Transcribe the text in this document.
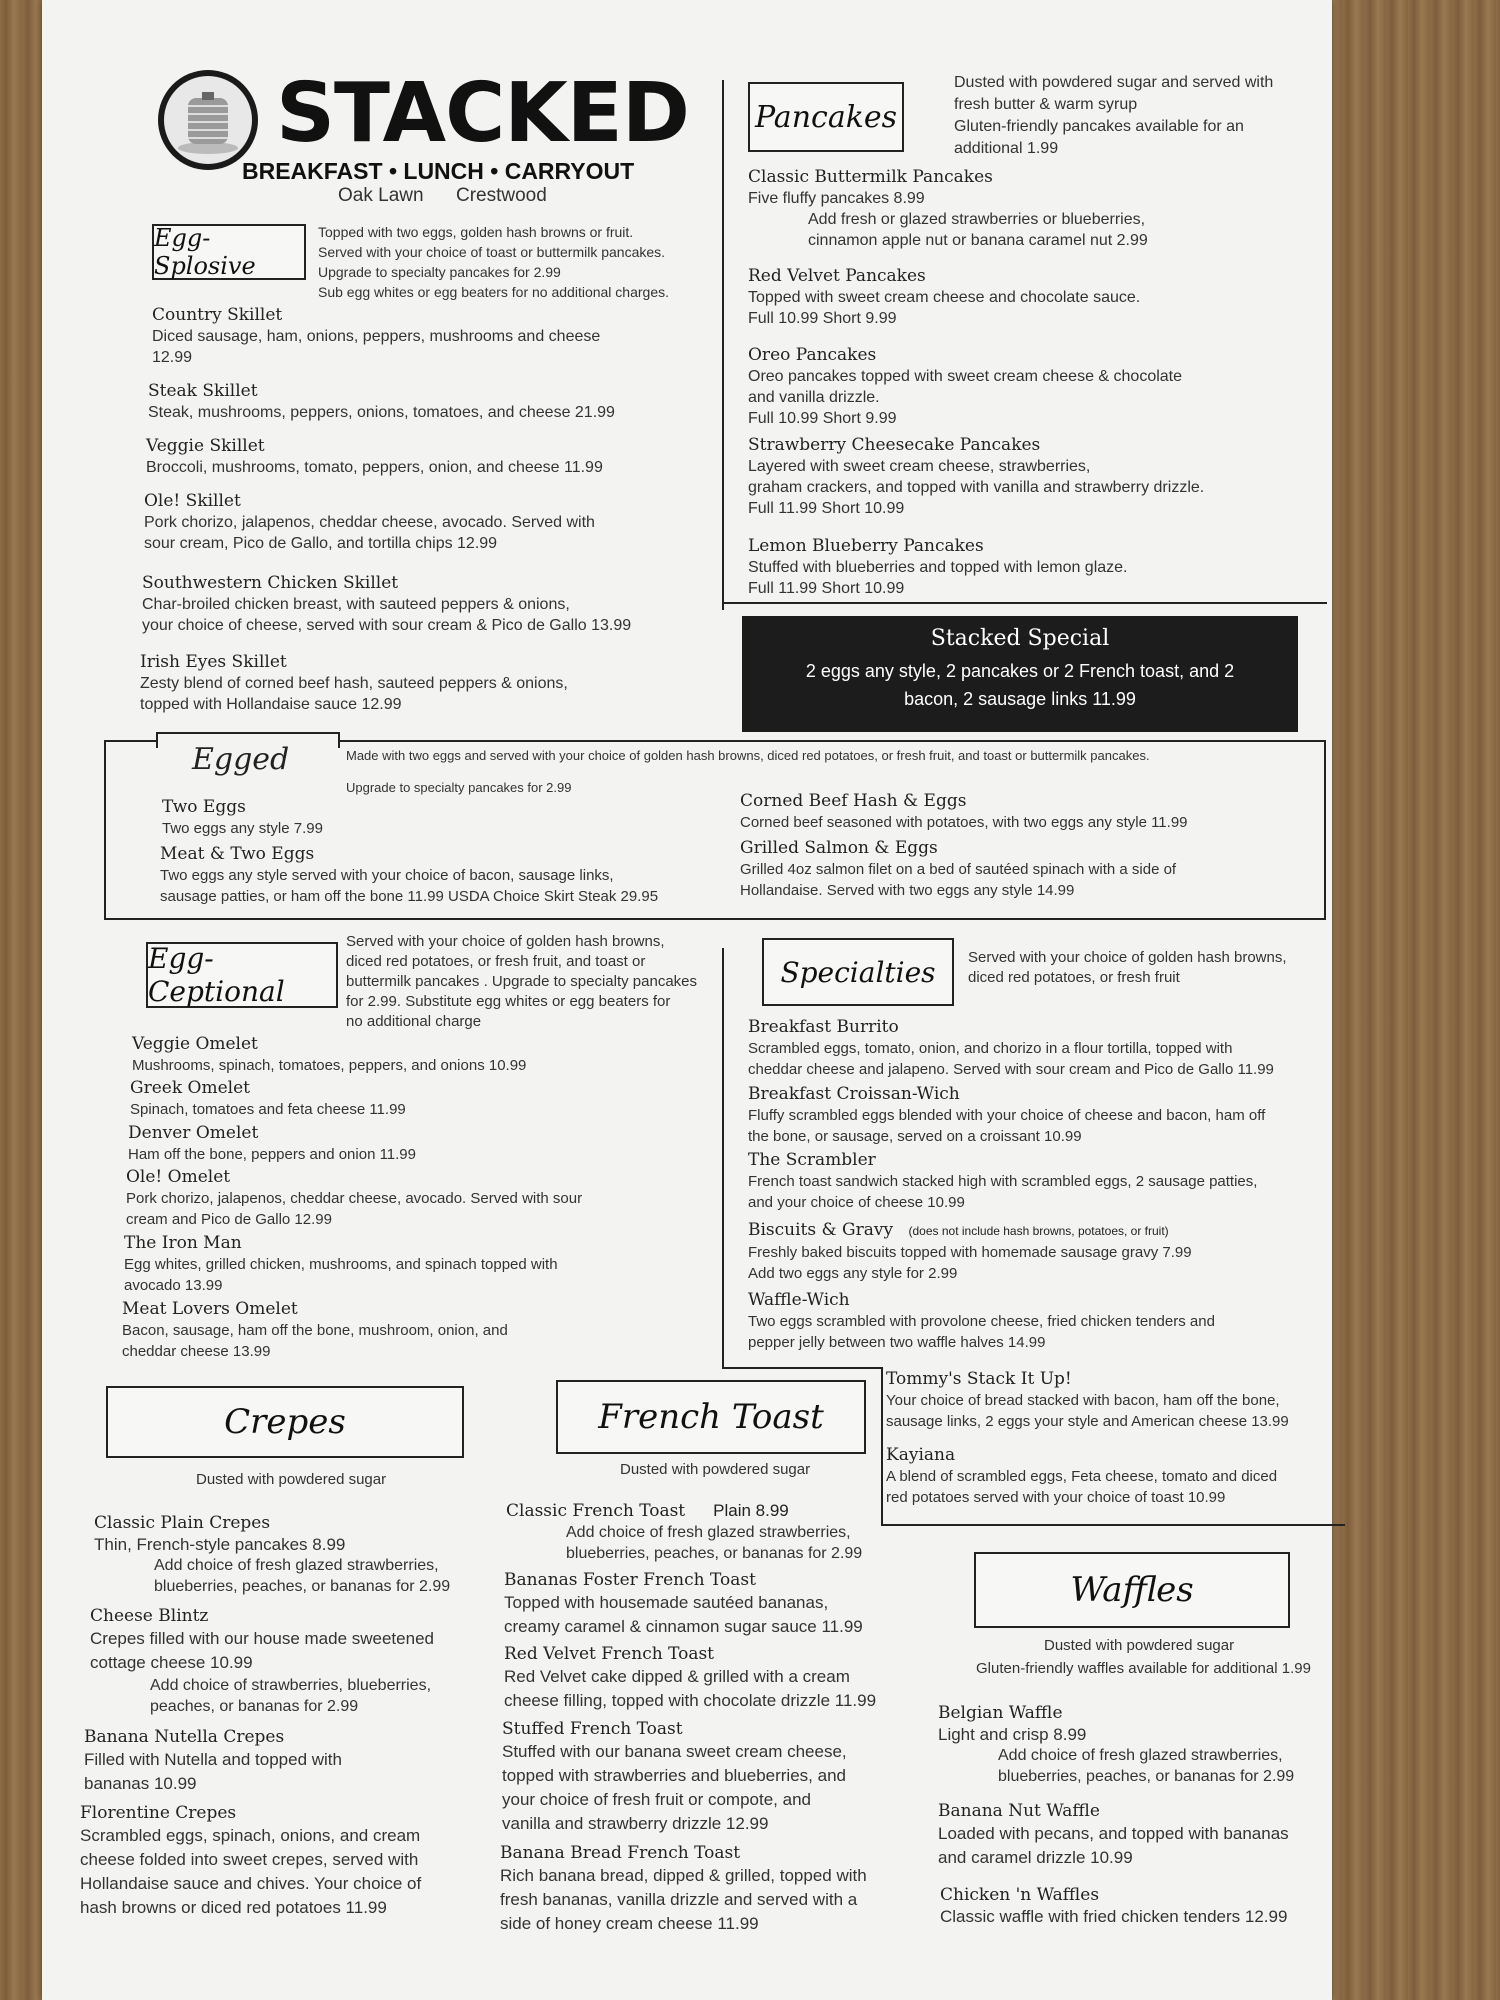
STACKED
BREAKFAST • LUNCH • CARRYOUT
Oak Lawn Crestwood
Egg-Splosive
Topped with two eggs, golden hash browns or fruit.
Served with your choice of toast or buttermilk pancakes.
Upgrade to specialty pancakes for 2.99
Sub egg whites or egg beaters for no additional charges.
Country Skillet
Diced sausage, ham, onions, peppers, mushrooms and cheese
12.99
Steak Skillet
Steak, mushrooms, peppers, onions, tomatoes, and cheese 21.99
Veggie Skillet
Broccoli, mushrooms, tomato, peppers, onion, and cheese 11.99
Ole! Skillet
Pork chorizo, jalapenos, cheddar cheese, avocado. Served with
sour cream, Pico de Gallo, and tortilla chips 12.99
Southwestern Chicken Skillet
Char-broiled chicken breast, with sauteed peppers & onions,
your choice of cheese, served with sour cream & Pico de Gallo 13.99
Irish Eyes Skillet
Zesty blend of corned beef hash, sauteed peppers & onions,
topped with Hollandaise sauce 12.99
Pancakes
Dusted with powdered sugar and served with
fresh butter & warm syrup
Gluten-friendly pancakes available for an
additional 1.99
Classic Buttermilk Pancakes
Five fluffy pancakes 8.99
Add fresh or glazed strawberries or blueberries,
cinnamon apple nut or banana caramel nut 2.99
Red Velvet Pancakes
Topped with sweet cream cheese and chocolate sauce.
Full 10.99 Short 9.99
Oreo Pancakes
Oreo pancakes topped with sweet cream cheese & chocolate
and vanilla drizzle.
Full 10.99 Short 9.99
Strawberry Cheesecake Pancakes
Layered with sweet cream cheese, strawberries,
graham crackers, and topped with vanilla and strawberry drizzle.
Full 11.99 Short 10.99
Lemon Blueberry Pancakes
Stuffed with blueberries and topped with lemon glaze.
Full 11.99 Short 10.99
Stacked Special
2 eggs any style, 2 pancakes or 2 French toast, and 2
bacon, 2 sausage links 11.99
Egged	Made with two eggs and served with your choice of golden hash browns, diced red potatoes, or fresh fruit, and toast or buttermilk pancakes.
Upgrade to specialty pancakes for 2.99
Two Eggs
Two eggs any style 7.99
Meat & Two Eggs
Two eggs any style served with your choice of bacon, sausage links,
sausage patties, or ham off the bone 11.99 USDA Choice Skirt Steak 29.95
Corned Beef Hash & Eggs
Corned beef seasoned with potatoes, with two eggs any style 11.99
Grilled Salmon & Eggs
Grilled 4oz salmon filet on a bed of sautéed spinach with a side of
Hollandaise. Served with two eggs any style 14.99
Egg-Ceptional
Served with your choice of golden hash browns,
diced red potatoes, or fresh fruit, and toast or
buttermilk pancakes . Upgrade to specialty pancakes
for 2.99. Substitute egg whites or egg beaters for
no additional charge
Veggie Omelet
Mushrooms, spinach, tomatoes, peppers, and onions 10.99
Greek Omelet
Spinach, tomatoes and feta cheese 11.99
Denver Omelet
Ham off the bone, peppers and onion 11.99
Ole! Omelet
Pork chorizo, jalapenos, cheddar cheese, avocado. Served with sour
cream and Pico de Gallo 12.99
The Iron Man
Egg whites, grilled chicken, mushrooms, and spinach topped with
avocado 13.99
Meat Lovers Omelet
Bacon, sausage, ham off the bone, mushroom, onion, and
cheddar cheese 13.99
Specialties	Served with your choice of golden hash browns,
diced red potatoes, or fresh fruit
Breakfast Burrito
Scrambled eggs, tomato, onion, and chorizo in a flour tortilla, topped with
cheddar cheese and jalapeno. Served with sour cream and Pico de Gallo 11.99
Breakfast Croissan-Wich
Fluffy scrambled eggs blended with your choice of cheese and bacon, ham off
the bone, or sausage, served on a croissant 10.99
The Scrambler
French toast sandwich stacked high with scrambled eggs, 2 sausage patties,
and your choice of cheese 10.99
Biscuits & Gravy (does not include hash browns, potatoes, or fruit)
Freshly baked biscuits topped with homemade sausage gravy 7.99
Add two eggs any style for 2.99
Waffle-Wich
Two eggs scrambled with provolone cheese, fried chicken tenders and
pepper jelly between two waffle halves 14.99
Tommy's Stack It Up!
Your choice of bread stacked with bacon, ham off the bone,
sausage links, 2 eggs your style and American cheese 13.99
Kayiana
A blend of scrambled eggs, Feta cheese, tomato and diced
red potatoes served with your choice of toast 10.99
Crepes
Dusted with powdered sugar
Classic Plain Crepes
Thin, French-style pancakes 8.99
Add choice of fresh glazed strawberries,
blueberries, peaches, or bananas for 2.99
Cheese Blintz
Crepes filled with our house made sweetened
cottage cheese 10.99
Add choice of strawberries, blueberries,
peaches, or bananas for 2.99
Banana Nutella Crepes
Filled with Nutella and topped with
bananas 10.99
Florentine Crepes
Scrambled eggs, spinach, onions, and cream
cheese folded into sweet crepes, served with
Hollandaise sauce and chives. Your choice of
hash browns or diced red potatoes 11.99
French Toast
Dusted with powdered sugar
Classic French Toast Plain 8.99
Add choice of fresh glazed strawberries,
blueberries, peaches, or bananas for 2.99
Bananas Foster French Toast
Topped with housemade sautéed bananas,
creamy caramel & cinnamon sugar sauce 11.99
Red Velvet French Toast
Red Velvet cake dipped & grilled with a cream
cheese filling, topped with chocolate drizzle 11.99
Stuffed French Toast
Stuffed with our banana sweet cream cheese,
topped with strawberries and blueberries, and
your choice of fresh fruit or compote, and
vanilla and strawberry drizzle 12.99
Banana Bread French Toast
Rich banana bread, dipped & grilled, topped with
fresh bananas, vanilla drizzle and served with a
side of honey cream cheese 11.99
Waffles
Dusted with powdered sugar
Gluten-friendly waffles available for additional 1.99
Belgian Waffle
Light and crisp 8.99
Add choice of fresh glazed strawberries,
blueberries, peaches, or bananas for 2.99
Banana Nut Waffle
Loaded with pecans, and topped with bananas
and caramel drizzle 10.99
Chicken 'n Waffles
Classic waffle with fried chicken tenders 12.99
